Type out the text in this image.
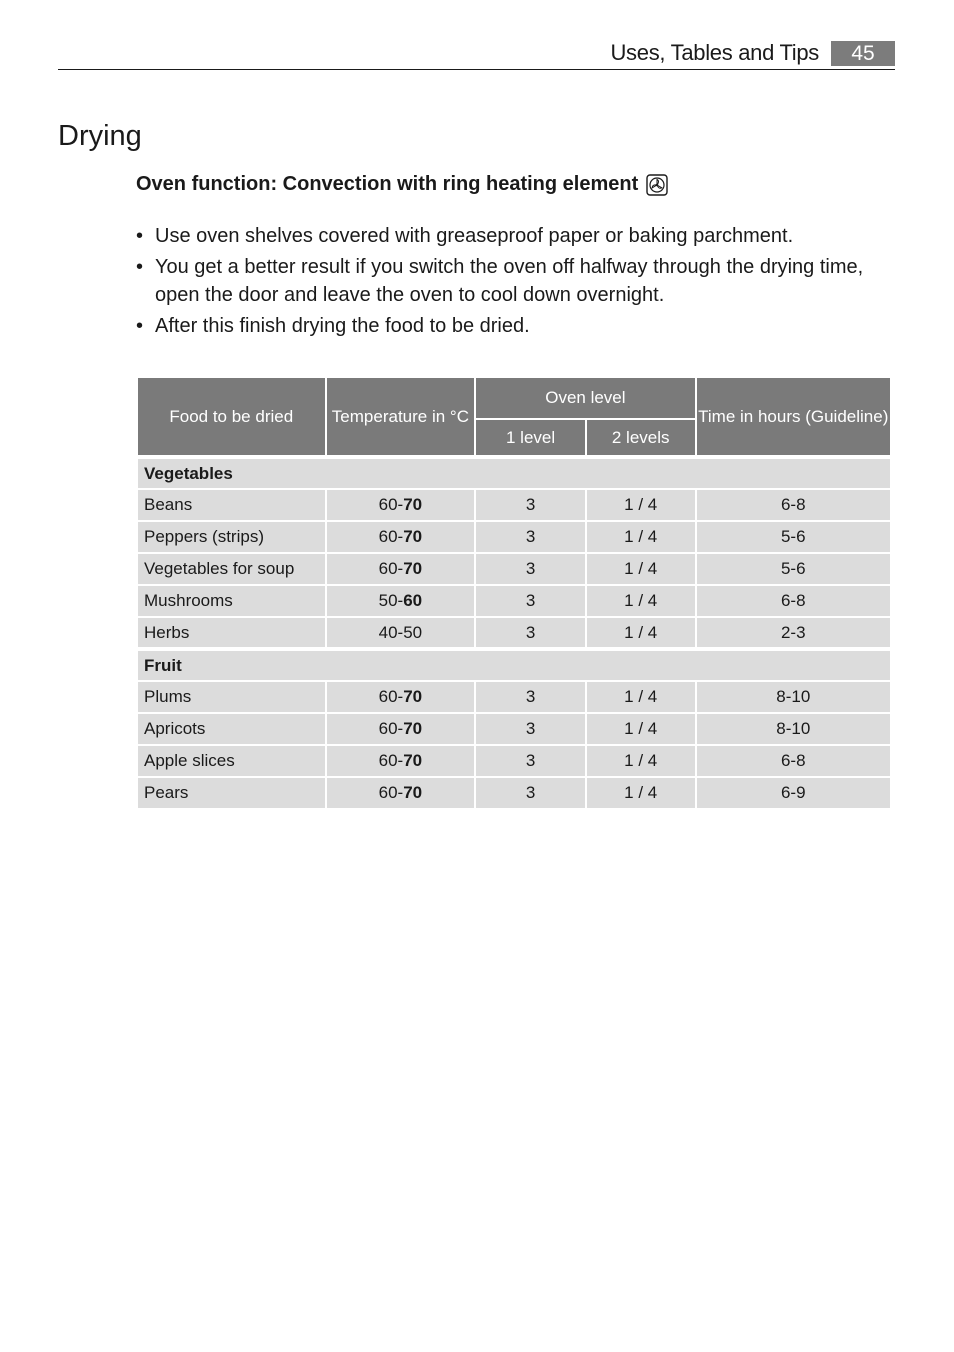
Uses, Tables and Tips	45
Drying
Oven function: Convection with ring heating element
• Use oven shelves covered with greaseproof paper or baking parchment.
• You get a better result if you switch the oven off halfway through the drying time, open the door and leave the oven to cool down overnight.
• After this finish drying the food to be dried.
Food to be dried	Temperature in °C	Oven level		Time in hours (Guideline)
		1 level	2 levels	
Vegetables				
Beans	60-70	3	1 / 4	6-8
Peppers (strips)	60-70	3	1 / 4	5-6
Vegetables for soup	60-70	3	1 / 4	5-6
Mushrooms	50-60	3	1 / 4	6-8
Herbs	40-50	3	1 / 4	2-3
Fruit				
Plums	60-70	3	1 / 4	8-10
Apricots	60-70	3	1 / 4	8-10
Apple slices	60-70	3	1 / 4	6-8
Pears	60-70	3	1 / 4	6-9
